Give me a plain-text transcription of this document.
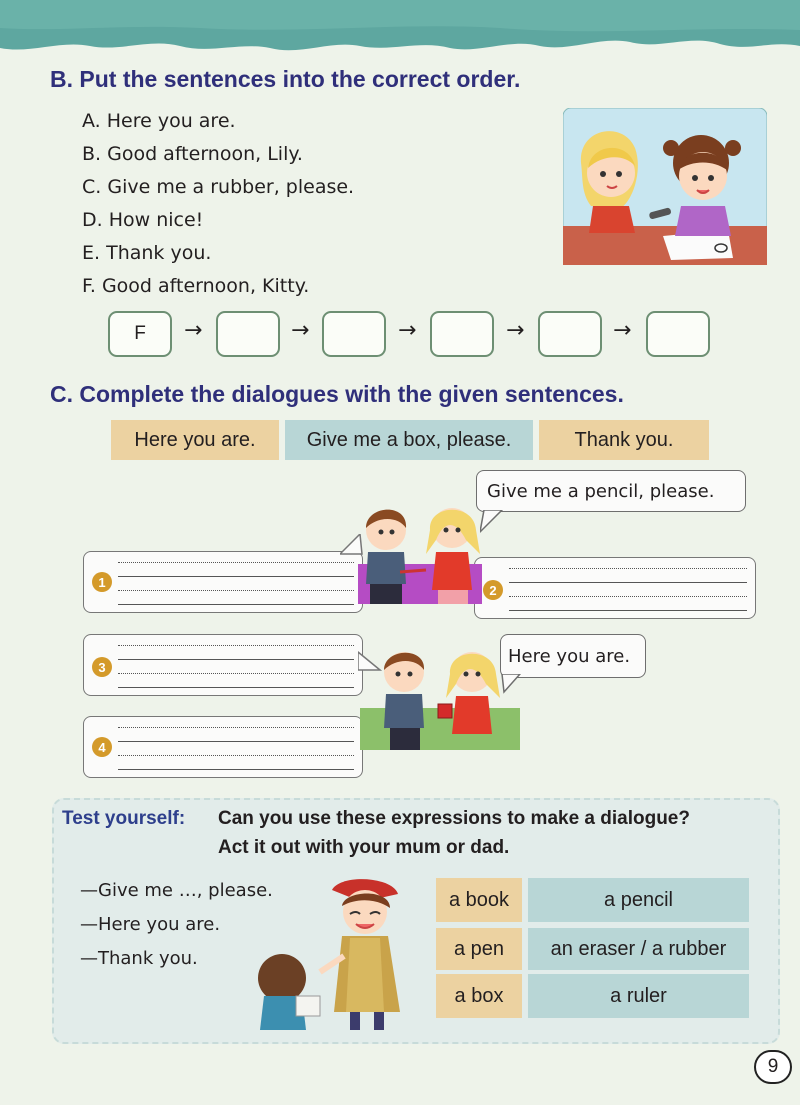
B. Put the sentences into the correct order.
A. Here you are.
B. Good afternoon, Lily.
C. Give me a rubber, please.
D. How nice!
E. Thank you.
F. Good afternoon, Kitty.
F	→	→	→	→	→
C. Complete the dialogues with the given sentences.
Here you are.	Give me a box, please.	Thank you.
Give me a pencil, please.
1
2
3	Here you are.
4
Test yourself: Can you use these expressions to make a dialogue?
Act it out with your mum or dad.
—Give me …, please.
—Here you are.
—Thank you.
a book	a pencil
a pen	an eraser / a rubber
a box	a ruler
9
